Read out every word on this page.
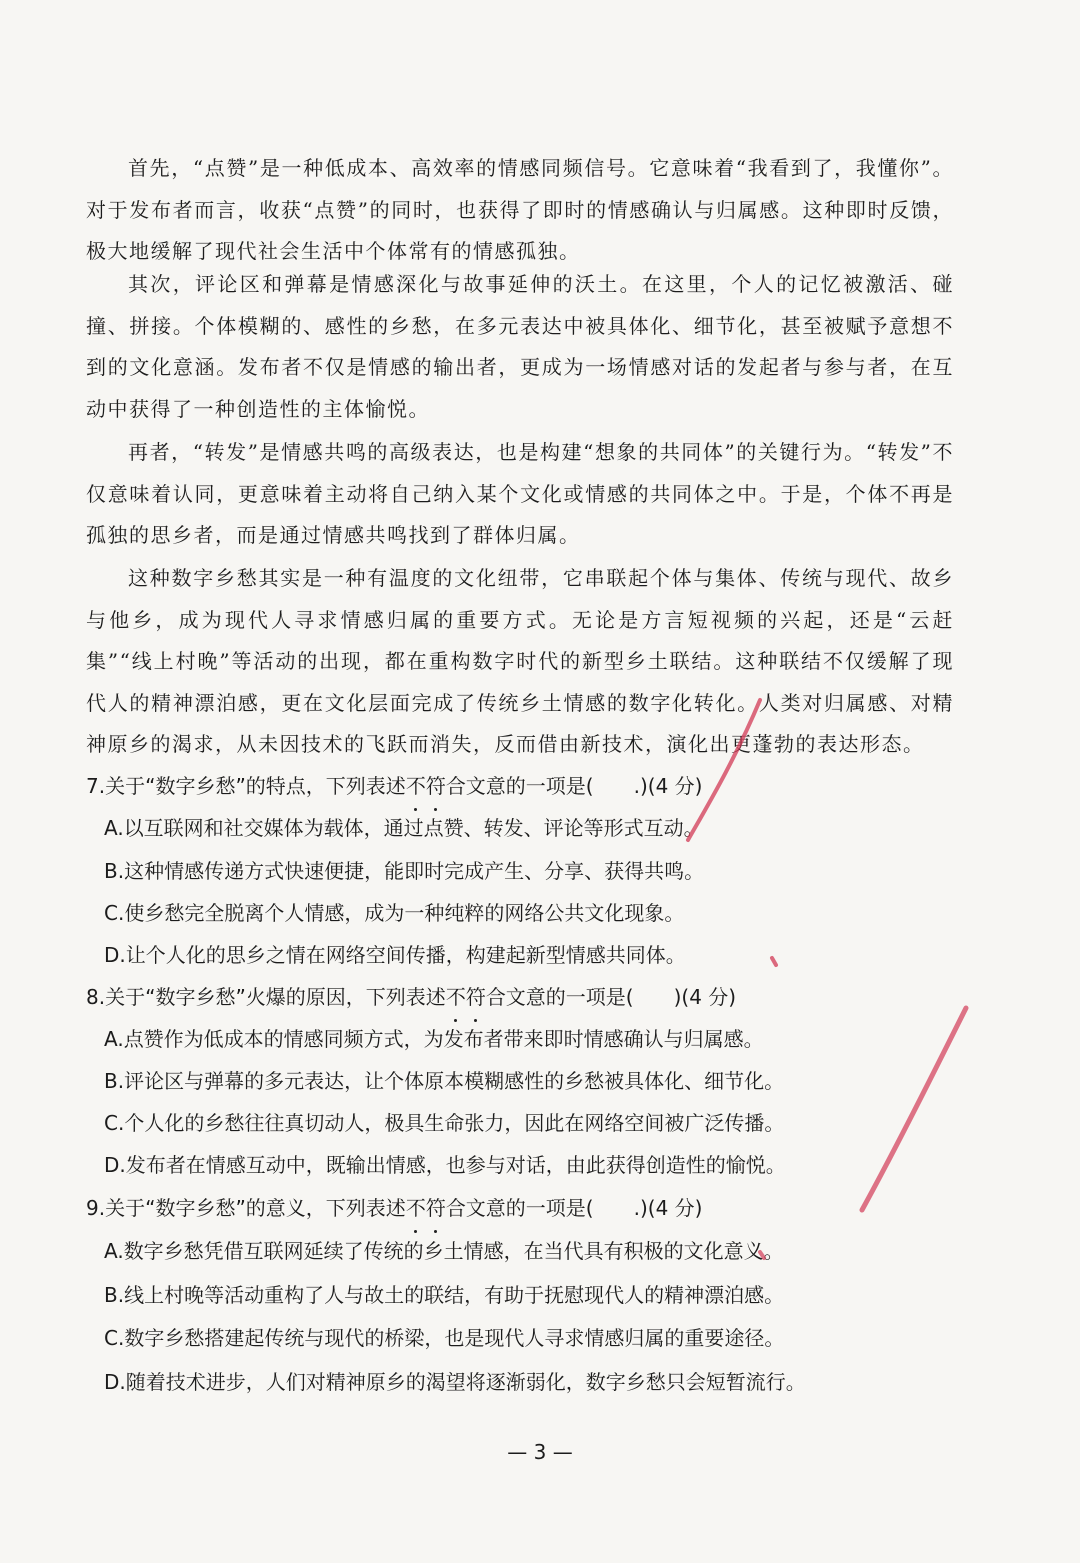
首先，“点赞”是一种低成本、高效率的情感同频信号。它意味着“我看到了，我懂你”。对于发布者而言，收获“点赞”的同时，也获得了即时的情感确认与归属感。这种即时反馈，极大地缓解了现代社会生活中个体常有的情感孤独。
其次，评论区和弹幕是情感深化与故事延伸的沃土。在这里，个人的记忆被激活、碰撞、拼接。个体模糊的、感性的乡愁，在多元表达中被具体化、细节化，甚至被赋予意想不到的文化意涵。发布者不仅是情感的输出者，更成为一场情感对话的发起者与参与者，在互动中获得了一种创造性的主体愉悦。
再者，“转发”是情感共鸣的高级表达，也是构建“想象的共同体”的关键行为。“转发”不仅意味着认同，更意味着主动将自己纳入某个文化或情感的共同体之中。于是，个体不再是孤独的思乡者，而是通过情感共鸣找到了群体归属。
这种数字乡愁其实是一种有温度的文化纽带，它串联起个体与集体、传统与现代、故乡与他乡，成为现代人寻求情感归属的重要方式。无论是方言短视频的兴起，还是“云赶集”“线上村晚”等活动的出现，都在重构数字时代的新型乡土联结。这种联结不仅缓解了现代人的精神漂泊感，更在文化层面完成了传统乡土情感的数字化转化。人类对归属感、对精神原乡的渴求，从未因技术的飞跃而消失，反而借由新技术，演化出更蓬勃的表达形态。
7.关于“数字乡愁”的特点，下列表述不符合文意的一项是(　　.)(4 分)
A.以互联网和社交媒体为载体，通过点赞、转发、评论等形式互动。
B.这种情感传递方式快速便捷，能即时完成产生、分享、获得共鸣。
C.使乡愁完全脱离个人情感，成为一种纯粹的网络公共文化现象。
D.让个人化的思乡之情在网络空间传播，构建起新型情感共同体。
8.关于“数字乡愁”火爆的原因，下列表述不符合文意的一项是(　　)(4 分)
A.点赞作为低成本的情感同频方式，为发布者带来即时情感确认与归属感。
B.评论区与弹幕的多元表达，让个体原本模糊感性的乡愁被具体化、细节化。
C.个人化的乡愁往往真切动人，极具生命张力，因此在网络空间被广泛传播。
D.发布者在情感互动中，既输出情感，也参与对话，由此获得创造性的愉悦。
9.关于“数字乡愁”的意义，下列表述不符合文意的一项是(　　.)(4 分)
A.数字乡愁凭借互联网延续了传统的乡土情感，在当代具有积极的文化意义。
B.线上村晚等活动重构了人与故土的联结，有助于抚慰现代人的精神漂泊感。
C.数字乡愁搭建起传统与现代的桥梁，也是现代人寻求情感归属的重要途径。
D.随着技术进步，人们对精神原乡的渴望将逐渐弱化，数字乡愁只会短暂流行。
— 3 —
